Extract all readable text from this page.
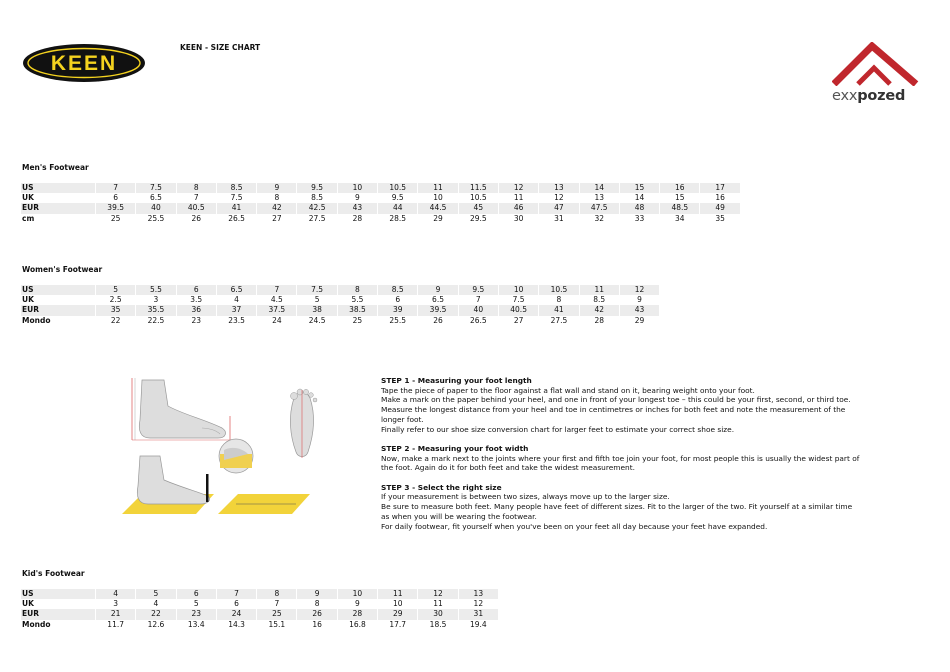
KEEN
KEEN - SIZE CHART
exxpozed
Men's Footwear
US	7	7.5	8	8.5	9	9.5	10	10.5	11	11.5	12	13	14	15	16	17
UK	6	6.5	7	7.5	8	8.5	9	9.5	10	10.5	11	12	13	14	15	16
EUR	39.5	40	40.5	41	42	42.5	43	44	44.5	45	46	47	47.5	48	48.5	49
cm	25	25.5	26	26.5	27	27.5	28	28.5	29	29.5	30	31	32	33	34	35
Women's Footwear
US	5	5.5	6	6.5	7	7.5	8	8.5	9	9.5	10	10.5	11	12
UK	2.5	3	3.5	4	4.5	5	5.5	6	6.5	7	7.5	8	8.5	9
EUR	35	35.5	36	37	37.5	38	38.5	39	39.5	40	40.5	41	42	43
Mondo	22	22.5	23	23.5	24	24.5	25	25.5	26	26.5	27	27.5	28	29
STEP 1 - Measuring your foot length

Tape the piece of paper to the floor against a flat wall and stand on it, bearing weight onto your foot.

Make a mark on the paper behind your heel, and one in front of your longest toe – this could be your first, second, or third toe.

Measure the longest distance from your heel and toe in centimetres or inches for both feet and note the measurement of the

longer foot.

Finally refer to our shoe size conversion chart for larger feet to estimate your correct shoe size.

STEP 2 - Measuring your foot width

Now, make a mark next to the joints where your first and fifth toe join your foot, for most people this is usually the widest part of

the foot. Again do it for both feet and take the widest measurement.

STEP 3 - Select the right size

If your measurement is between two sizes, always move up to the larger size.

Be sure to measure both feet. Many people have feet of different sizes. Fit to the larger of the two. Fit yourself at a similar time

as when you will be wearing the footwear.

For daily footwear, fit yourself when you've been on your feet all day because your feet have expanded.

Kid's Footwear
US	4	5	6	7	8	9	10	11	12	13
UK	3	4	5	6	7	8	9	10	11	12
EUR	21	22	23	24	25	26	28	29	30	31
Mondo	11.7	12.6	13.4	14.3	15.1	16	16.8	17.7	18.5	19.4
